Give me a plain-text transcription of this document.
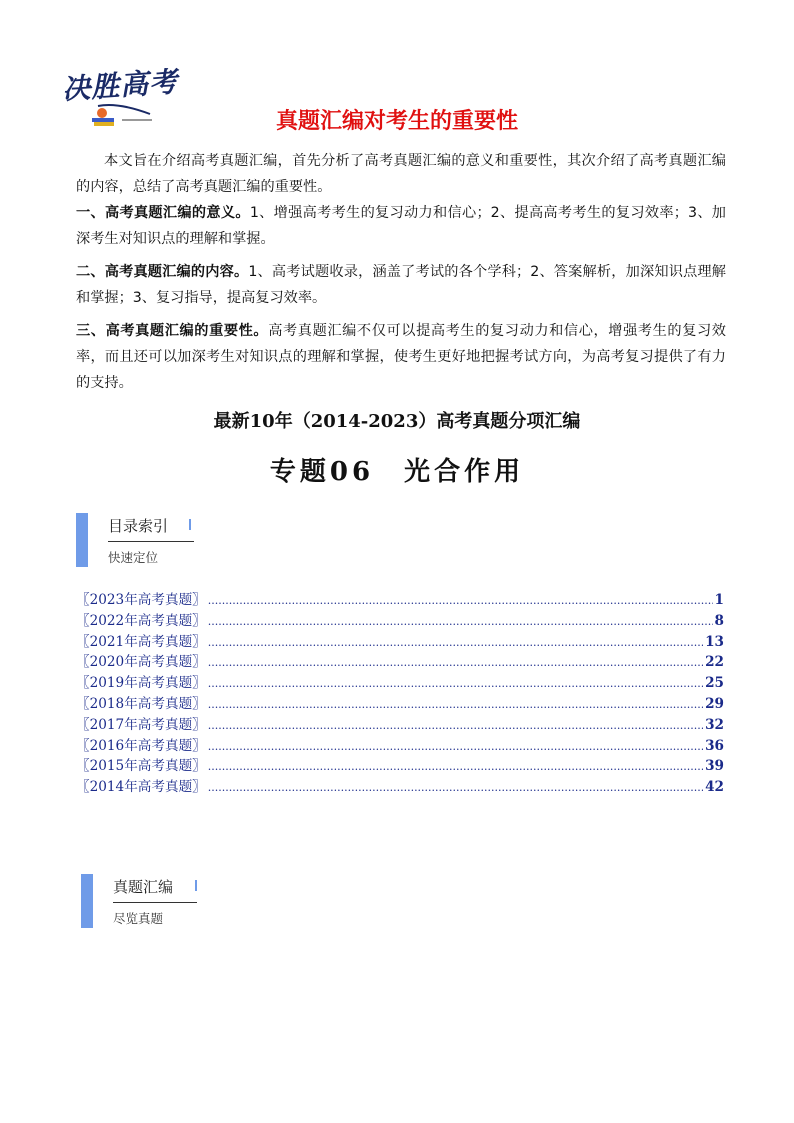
决胜高考
真题汇编对考生的重要性
本文旨在介绍高考真题汇编，首先分析了高考真题汇编的意义和重要性，其次介绍了高考真题汇编的内容，总结了高考真题汇编的重要性。
一、高考真题汇编的意义。1、增强高考考生的复习动力和信心；2、提高高考考生的复习效率；3、加深考生对知识点的理解和掌握。
二、高考真题汇编的内容。1、高考试题收录，涵盖了考试的各个学科；2、答案解析，加深知识点理解和掌握；3、复习指导，提高复习效率。
三、高考真题汇编的重要性。高考真题汇编不仅可以提高考生的复习动力和信心，增强考生的复习效率，而且还可以加深考生对知识点的理解和掌握，使考生更好地把握考试方向，为高考复习提供了有力的支持。
最新10年（2014-2023）高考真题分项汇编
专题06　光合作用
目录索引
快速定位
〖2023年高考真题〗 .....	1
〖2022年高考真题〗 .....	8
〖2021年高考真题〗 .....	13
〖2020年高考真题〗 .....	22
〖2019年高考真题〗 .....	25
〖2018年高考真题〗 .....	29
〖2017年高考真题〗 .....	32
〖2016年高考真题〗 .....	36
〖2015年高考真题〗 .....	39
〖2014年高考真题〗 .....	42
真题汇编
尽览真题
